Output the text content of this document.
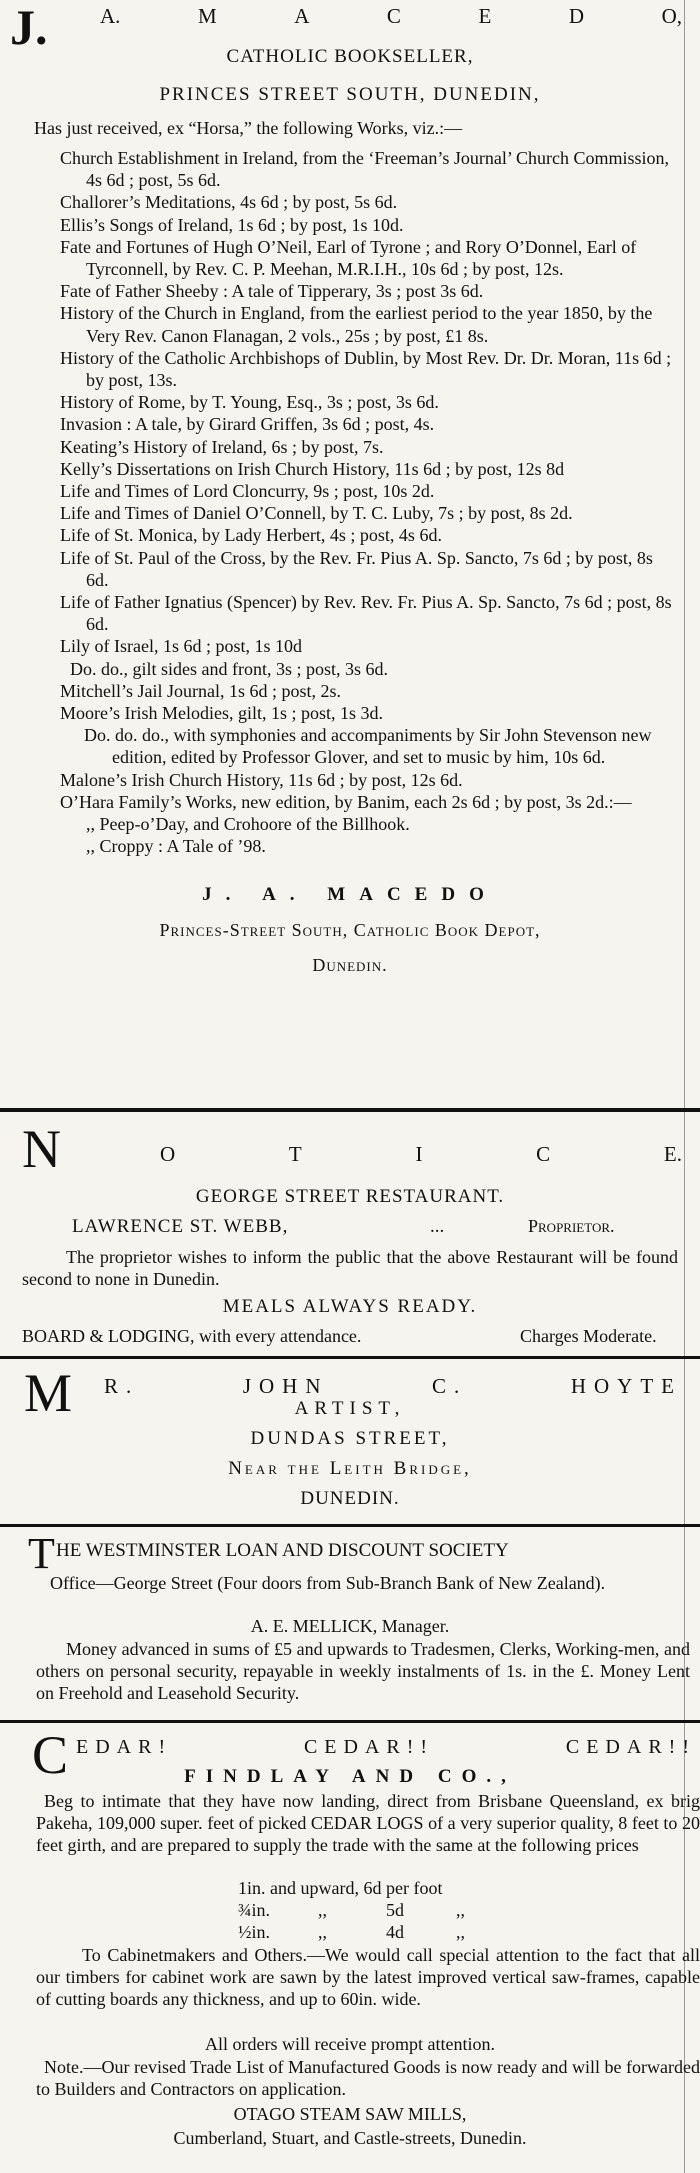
J.	A.	M	A	C	E	D	O,
CATHOLIC BOOKSELLER,
PRINCES STREET SOUTH, DUNEDIN,
Has just received, ex “Horsa,” the following Works, viz.:—
Church Establishment in Ireland, from the ‘Freeman’s Journal’ Church Commission, 4s 6d ; post, 5s 6d.
Challorer’s Meditations, 4s 6d ; by post, 5s 6d.
Ellis’s Songs of Ireland, 1s 6d ; by post, 1s 10d.
Fate and Fortunes of Hugh O’Neil, Earl of Tyrone ; and Rory O’Donnel, Earl of Tyrconnell, by Rev. C. P. Meehan, M.R.I.H., 10s 6d ; by post, 12s.
Fate of Father Sheeby : A tale of Tipperary, 3s ; post 3s 6d.
History of the Church in England, from the earliest period to the year 1850, by the Very Rev. Canon Flanagan, 2 vols., 25s ; by post, £1 8s.
History of the Catholic Archbishops of Dublin, by Most Rev. Dr. Dr. Moran, 11s 6d ; by post, 13s.
History of Rome, by T. Young, Esq., 3s ; post, 3s 6d.
Invasion : A tale, by Girard Griffen, 3s 6d ; post, 4s.
Keating’s History of Ireland, 6s ; by post, 7s.
Kelly’s Dissertations on Irish Church History, 11s 6d ; by post, 12s 8d
Life and Times of Lord Cloncurry, 9s ; post, 10s 2d.
Life and Times of Daniel O’Connell, by T. C. Luby, 7s ; by post, 8s 2d.
Life of St. Monica, by Lady Herbert, 4s ; post, 4s 6d.
Life of St. Paul of the Cross, by the Rev. Fr. Pius A. Sp. Sancto, 7s 6d ; by post, 8s 6d.
Life of Father Ignatius (Spencer) by Rev. Rev. Fr. Pius A. Sp. Sancto, 7s 6d ; post, 8s 6d.
Lily of Israel, 1s 6d ; post, 1s 10d
Do. do., gilt sides and front, 3s ; post, 3s 6d.
Mitchell’s Jail Journal, 1s 6d ; post, 2s.
Moore’s Irish Melodies, gilt, 1s ; post, 1s 3d.
Do. do. do., with symphonies and accompaniments by Sir John Stevenson new edition, edited by Professor Glover, and set to music by him, 10s 6d.
Malone’s Irish Church History, 11s 6d ; by post, 12s 6d.
O’Hara Family’s Works, new edition, by Banim, each 2s 6d ; by post, 3s 2d.:—
,, Peep-o’Day, and Crohoore of the Billhook.
,, Croppy : A Tale of ’98.
J. A. MACEDO
Princes-Street South, Catholic Book Depot,
Dunedin.
N	O	T	I	C	E.
GEORGE STREET RESTAURANT.
LAWRENCE ST. WEBB,	...	Proprietor.
The proprietor wishes to inform the public that the above Restaurant will be found second to none in Dunedin.
MEALS ALWAYS READY.
BOARD & LODGING, with every attendance.	Charges Moderate.
M R.	JOHN	C.	HOYTE
ARTIST,
DUNDAS STREET,
Near the Leith Bridge,
DUNEDIN.
T HE WESTMINSTER LOAN AND DISCOUNT SOCIETY
Office—George Street (Four doors from Sub-Branch Bank of New Zealand).
A. E. MELLICK, Manager.
Money advanced in sums of £5 and upwards to Tradesmen, Clerks, Working-men, and others on personal security, repayable in weekly instalments of 1s. in the £. Money Lent on Freehold and Leasehold Security.
C EDAR!	CEDAR!!	CEDAR!!
FINDLAY AND CO.,
Beg to intimate that they have now landing, direct from Brisbane Queensland, ex brig Pakeha, 109,000 super. feet of picked CEDAR LOGS of a very superior quality, 8 feet to 20 feet girth, and are prepared to supply the trade with the same at the following prices
1in. and upward, 6d per foot
¾in.	,,	5d	,,
½in.	,,	4d	,,
To Cabinetmakers and Others.—We would call special attention to the fact that all our timbers for cabinet work are sawn by the latest improved vertical saw-frames, capable of cutting boards any thickness, and up to 60in. wide.
All orders will receive prompt attention.
Note.—Our revised Trade List of Manufactured Goods is now ready and will be forwarded to Builders and Contractors on application.
OTAGO STEAM SAW MILLS,
Cumberland, Stuart, and Castle-streets, Dunedin.
